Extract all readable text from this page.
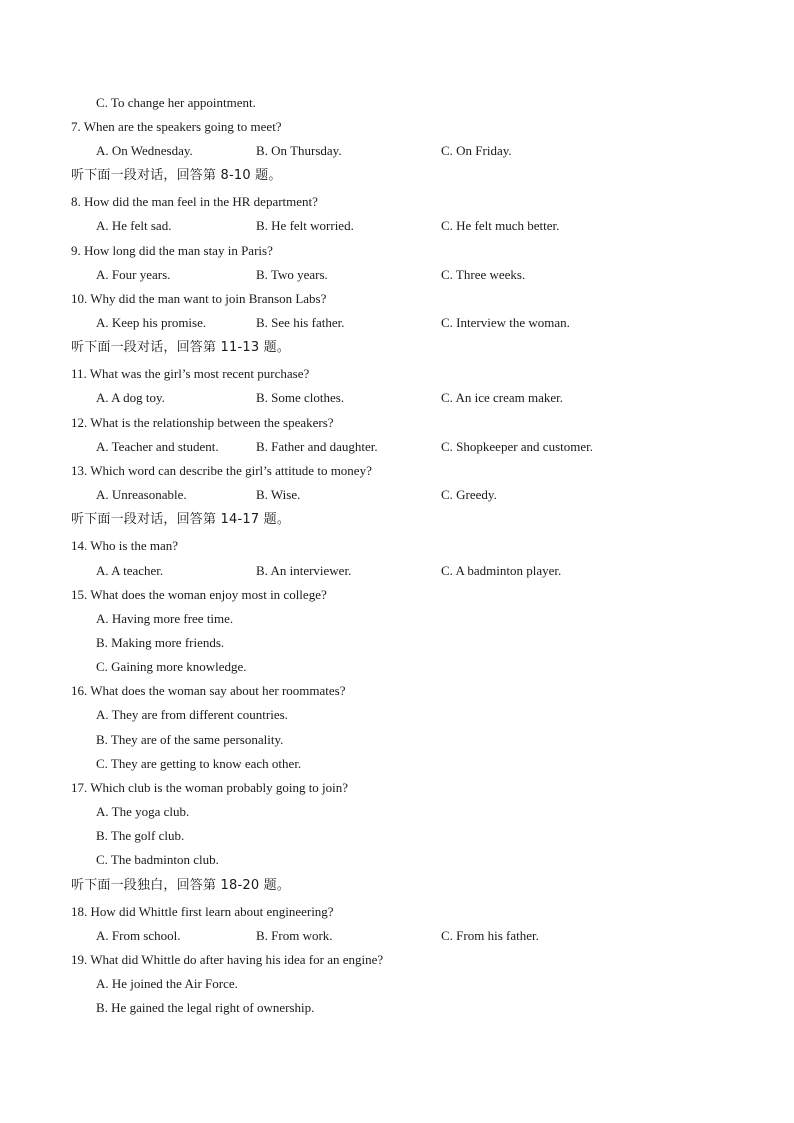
C. To change her appointment.
7. When are the speakers going to meet?
A. On Wednesday.	B. On Thursday.	C. On Friday.
听下面一段对话，回答第 8-10 题。
8. How did the man feel in the HR department?
A. He felt sad.	B. He felt worried.	C. He felt much better.
9. How long did the man stay in Paris?
A. Four years.	B. Two years.	C. Three weeks.
10. Why did the man want to join Branson Labs?
A. Keep his promise.	B. See his father.	C. Interview the woman.
听下面一段对话，回答第 11-13 题。
11. What was the girl’s most recent purchase?
A. A dog toy.	B. Some clothes.	C. An ice cream maker.
12. What is the relationship between the speakers?
A. Teacher and student.	B. Father and daughter.	C. Shopkeeper and customer.
13. Which word can describe the girl’s attitude to money?
A. Unreasonable.	B. Wise.	C. Greedy.
听下面一段对话，回答第 14-17 题。
14. Who is the man?
A. A teacher.	B. An interviewer.	C. A badminton player.
15. What does the woman enjoy most in college?
A. Having more free time.
B. Making more friends.
C. Gaining more knowledge.
16. What does the woman say about her roommates?
A. They are from different countries.
B. They are of the same personality.
C. They are getting to know each other.
17. Which club is the woman probably going to join?
A. The yoga club.
B. The golf club.
C. The badminton club.
听下面一段独白，回答第 18-20 题。
18. How did Whittle first learn about engineering?
A. From school.	B. From work.	C. From his father.
19. What did Whittle do after having his idea for an engine?
A. He joined the Air Force.
B. He gained the legal right of ownership.
